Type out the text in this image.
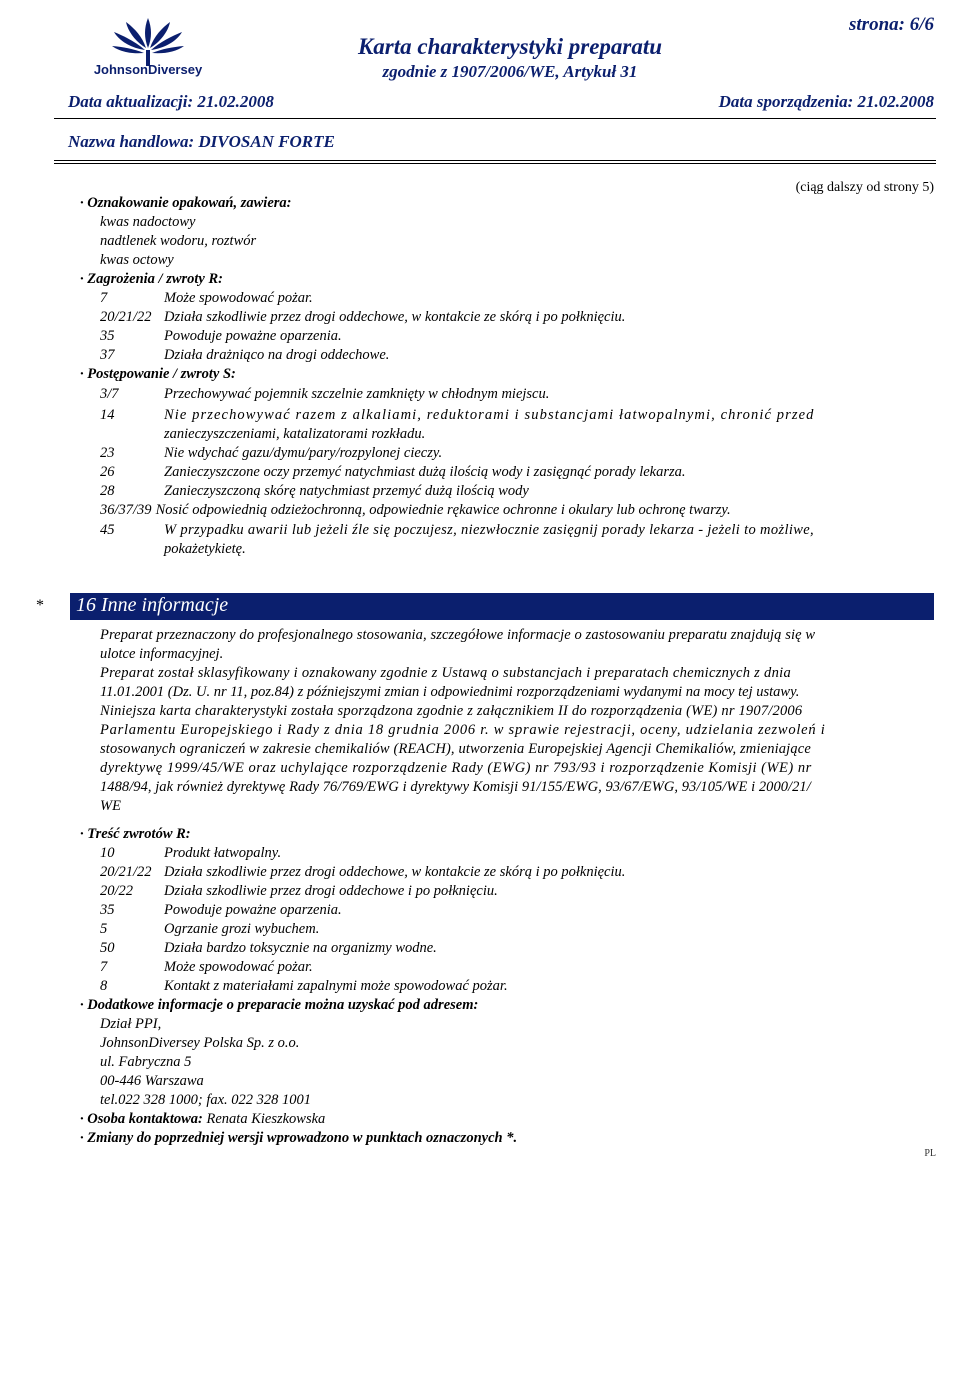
JohnsonDiversey
Karta charakterystyki preparatu
zgodnie z 1907/2006/WE, Artykuł 31
strona: 6/6
Data aktualizacji: 21.02.2008	Data sporządzenia: 21.02.2008
Nazwa handlowa: DIVOSAN FORTE
(ciąg dalszy od strony 5)
· Oznakowanie opakowań, zawiera:
kwas nadoctowy
nadtlenek wodoru, roztwór
kwas octowy
· Zagrożenia / zwroty R:
7	Może spowodować pożar.
20/21/22 Działa szkodliwie przez drogi oddechowe, w kontakcie ze skórą i po połknięciu.
35	Powoduje poważne oparzenia.
37	Działa drażniąco na drogi oddechowe.
· Postępowanie / zwroty S:
3/7	Przechowywać pojemnik szczelnie zamknięty w chłodnym miejscu.
14	Nie przechowywać razem z alkaliami, reduktorami i substancjami łatwopalnymi, chronić przed
zanieczyszczeniami, katalizatorami rozkładu.
23	Nie wdychać gazu/dymu/pary/rozpylonej cieczy.
26	Zanieczyszczone oczy przemyć natychmiast dużą ilością wody i zasięgnąć porady lekarza.
28	Zanieczyszczoną skórę natychmiast przemyć dużą ilością wody
36/37/39 Nosić odpowiednią odzieżochronną, odpowiednie rękawice ochronne i okulary lub ochronę twarzy.
45	W przypadku awarii lub jeżeli źle się poczujesz, niezwłocznie zasięgnij porady lekarza - jeżeli to możliwe,
pokażetykietę.
* 16 Inne informacje
Preparat przeznaczony do profesjonalnego stosowania, szczegółowe informacje o zastosowaniu preparatu znajdują się w
ulotce informacyjnej.
Preparat został sklasyfikowany i oznakowany zgodnie z Ustawą o substancjach i preparatach chemicznych z dnia
11.01.2001 (Dz. U. nr 11, poz.84) z późniejszymi zmian i odpowiednimi rozporządzeniami wydanymi na mocy tej ustawy.
Niniejsza karta charakterystyki została sporządzona zgodnie z załącznikiem II do rozporządzenia (WE) nr 1907/2006
Parlamentu Europejskiego i Rady z dnia 18 grudnia 2006 r. w sprawie rejestracji, oceny, udzielania zezwoleń i
stosowanych ograniczeń w zakresie chemikaliów (REACH), utworzenia Europejskiej Agencji Chemikaliów, zmieniające
dyrektywę 1999/45/WE oraz uchylające rozporządzenie Rady (EWG) nr 793/93 i rozporządzenie Komisji (WE) nr
1488/94, jak również dyrektywę Rady 76/769/EWG i dyrektywy Komisji 91/155/EWG, 93/67/EWG, 93/105/WE i 2000/21/
WE
· Treść zwrotów R:
10	Produkt łatwopalny.
20/21/22 Działa szkodliwie przez drogi oddechowe, w kontakcie ze skórą i po połknięciu.
20/22 Działa szkodliwie przez drogi oddechowe i po połknięciu.
35	Powoduje poważne oparzenia.
5	Ogrzanie grozi wybuchem.
50	Działa bardzo toksycznie na organizmy wodne.
7	Może spowodować pożar.
8	Kontakt z materiałami zapalnymi może spowodować pożar.
· Dodatkowe informacje o preparacie można uzyskać pod adresem:
Dział PPI,
JohnsonDiversey Polska Sp. z o.o.
ul. Fabryczna 5
00-446 Warszawa
tel.022 328 1000; fax. 022 328 1001
· Osoba kontaktowa: Renata Kieszkowska
· Zmiany do poprzedniej wersji wprowadzono w punktach oznaczonych *.
PL
